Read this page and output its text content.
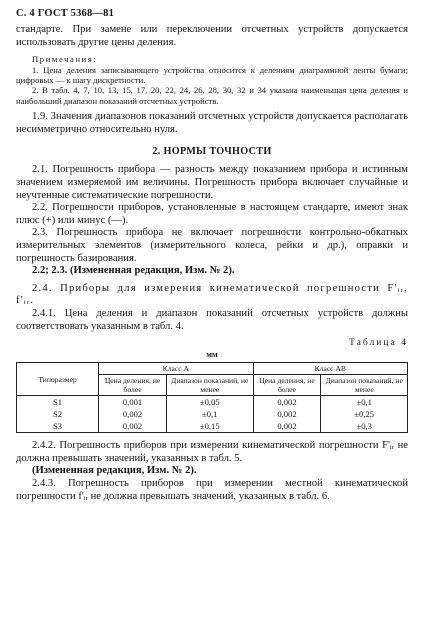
С. 4 ГОСТ 5368—81

стандарте. При замене или переключении отсчетных устройств допускается использовать другие цены деления.

Примечания:

1. Цена деления записывающего устройства относится к делениям диаграммной ленты бумаги; цифровых — к шагу дискретности.

2. В табл. 4, 7, 10, 13, 15, 17, 20, 22, 24, 26, 28, 30, 32 и 34 указана наименьшая цена деления и наибольший диапазон показаний отсчетных устройств.

1.9. Значения диапазонов показаний отсчетных устройств допускается располагать несимметрично относительно нуля.

2. НОРМЫ ТОЧНОСТИ

2.1. Погрешность прибора — разность между показанием прибора и истинным значением измеряемой им величины. Погрешность прибора включает случайные и неучтенные систематические погрешности.

2.2. Погрешности приборов, установленные в настоящем стандарте, имеют знак плюс (+) или минус (—).

2.3. Погрешность прибора не включает погрешности контрольно-обкатных измерительных элементов (измерительного колеса, рейки и др.), оправки и погрешность базирования.

2.2; 2.3. (Измененная редакция, Изм. № 2).

2.4. Приборы для измерения кинематической погрешности F'ᵢᵣ, f'ᵢᵣ.

2.4.1. Цена деления и диапазон показаний отсчетных устройств должны соответствовать указанным в табл. 4.

Таблица 4
мм
Типоразмер	Класс А		Класс АВ	
	Цена деления, не более	Диапазон показаний, не менее	Цена деления, не более	Диапазон показаний, не менее
S1	0,001	±0,05	0,002	±0,1
S2	0,002	±0,1	0,002	±0,25
S3	0,002	±0,15	0,002	±0,3

2.4.2. Погрешность приборов при измерении кинематической погрешности F'ᵢᵣ не должна превышать значений, указанных в табл. 5.

(Измененная редакция, Изм. № 2).

2.4.3. Погрешность приборов при измерении местной кинематической погрешности f'ᵢᵣ не должна превышать значений, указанных в табл. 6.
